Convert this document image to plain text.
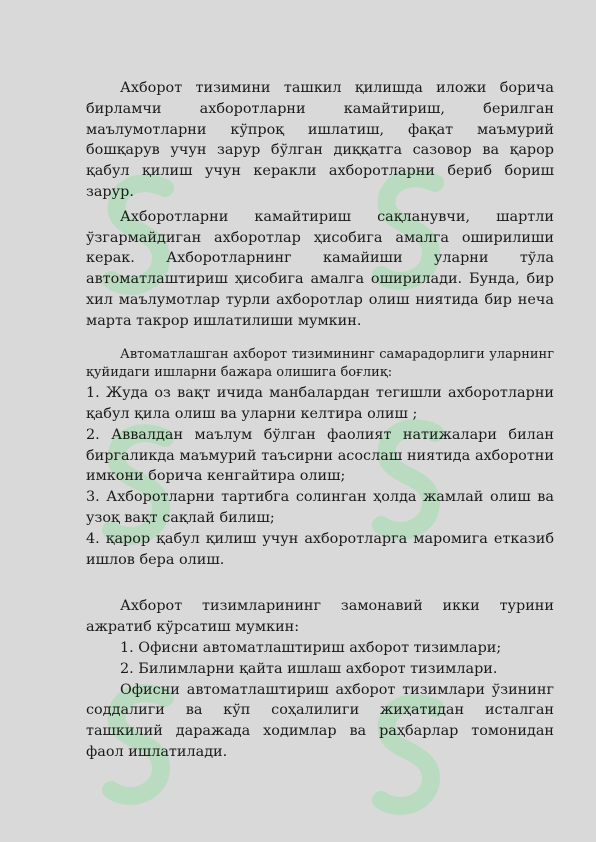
Ахборот тизимини ташкил қилишда иложи борича бирламчи ахборотларни камайтириш, берилган маълумотларни кўпроқ ишлатиш, фақат маъмурий бошқарув учун зарур бўлган диққатга сазовор ва қарор қабул қилиш учун керакли ахборотларни бериб бориш зарур.

Ахборотларни камайтириш сақланувчи, шартли ўзгармайдиган ахборотлар ҳисобига амалга оширилиши керак. Ахборотларнинг камайиши уларни тўла автоматлаштириш ҳисобига амалга оширилади. Бунда, бир хил маълумотлар турли ахборотлар олиш ниятида бир неча марта такрор ишлатилиши мумкин.

Автоматлашган ахборот тизимининг самарадорлиги уларнинг қуйидаги ишларни бажара олишига боғлиқ:

1. Жуда оз вақт ичида манбалардан тегишли ахборотларни қабул қила олиш ва уларни келтира олиш ;

2. Аввалдан маълум бўлган фаолият натижалари билан биргаликда маъмурий таъсирни асослаш ниятида ахборотни имкони борича кенгайтира олиш;

3. Ахборотларни тартибга солинган ҳолда жамлай олиш ва узоқ вақт сақлай билиш;

4. қарор қабул қилиш учун ахборотларга маромига етказиб ишлов бера олиш.

Ахборот тизимларининг замонавий икки турини ажратиб кўрсатиш мумкин:

1. Офисни автоматлаштириш ахборот тизимлари;

2. Билимларни қайта ишлаш ахборот тизимлари.

Офисни автоматлаштириш ахборот тизимлари ўзининг соддалиги ва кўп соҳалилиги жиҳатидан исталган ташкилий даражада ходимлар ва раҳбарлар томонидан фаол ишлатилади.
